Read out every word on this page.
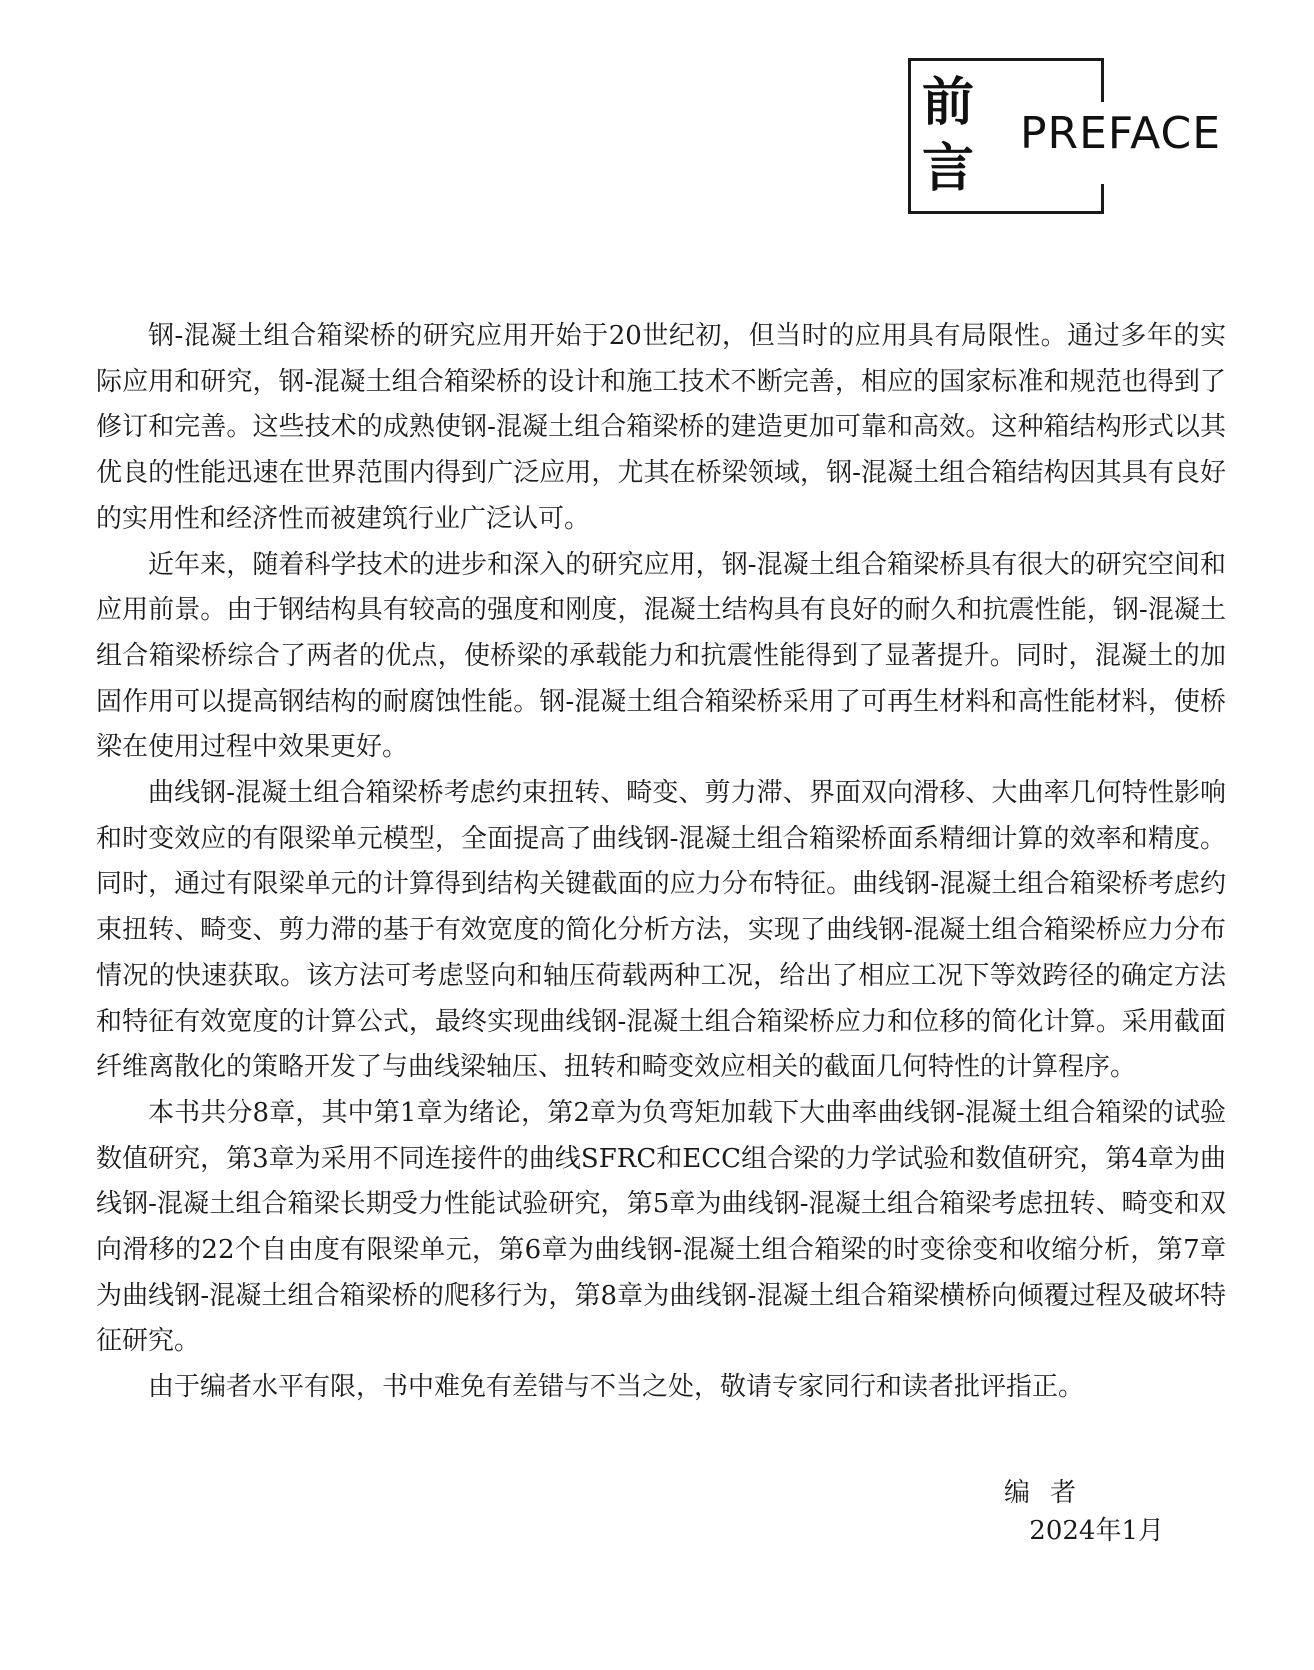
前
言
PREFACE

钢-混凝土组合箱梁桥的研究应用开始于20世纪初，但当时的应用具有局限性。通过多年的实际应用和研究，钢-混凝土组合箱梁桥的设计和施工技术不断完善，相应的国家标准和规范也得到了修订和完善。这些技术的成熟使钢-混凝土组合箱梁桥的建造更加可靠和高效。这种箱结构形式以其优良的性能迅速在世界范围内得到广泛应用，尤其在桥梁领域，钢-混凝土组合箱结构因其具有良好的实用性和经济性而被建筑行业广泛认可。

近年来，随着科学技术的进步和深入的研究应用，钢-混凝土组合箱梁桥具有很大的研究空间和应用前景。由于钢结构具有较高的强度和刚度，混凝土结构具有良好的耐久和抗震性能，钢-混凝土组合箱梁桥综合了两者的优点，使桥梁的承载能力和抗震性能得到了显著提升。同时，混凝土的加固作用可以提高钢结构的耐腐蚀性能。钢-混凝土组合箱梁桥采用了可再生材料和高性能材料，使桥梁在使用过程中效果更好。

曲线钢-混凝土组合箱梁桥考虑约束扭转、畸变、剪力滞、界面双向滑移、大曲率几何特性影响和时变效应的有限梁单元模型，全面提高了曲线钢-混凝土组合箱梁桥面系精细计算的效率和精度。同时，通过有限梁单元的计算得到结构关键截面的应力分布特征。曲线钢-混凝土组合箱梁桥考虑约束扭转、畸变、剪力滞的基于有效宽度的简化分析方法，实现了曲线钢-混凝土组合箱梁桥应力分布情况的快速获取。该方法可考虑竖向和轴压荷载两种工况，给出了相应工况下等效跨径的确定方法和特征有效宽度的计算公式，最终实现曲线钢-混凝土组合箱梁桥应力和位移的简化计算。采用截面纤维离散化的策略开发了与曲线梁轴压、扭转和畸变效应相关的截面几何特性的计算程序。

本书共分8章，其中第1章为绪论，第2章为负弯矩加载下大曲率曲线钢-混凝土组合箱梁的试验数值研究，第3章为采用不同连接件的曲线SFRC和ECC组合梁的力学试验和数值研究，第4章为曲线钢-混凝土组合箱梁长期受力性能试验研究，第5章为曲线钢-混凝土组合箱梁考虑扭转、畸变和双向滑移的22个自由度有限梁单元，第6章为曲线钢-混凝土组合箱梁的时变徐变和收缩分析，第7章为曲线钢-混凝土组合箱梁桥的爬移行为，第8章为曲线钢-混凝土组合箱梁横桥向倾覆过程及破坏特征研究。

由于编者水平有限，书中难免有差错与不当之处，敬请专家同行和读者批评指正。

编者
2024年1月
